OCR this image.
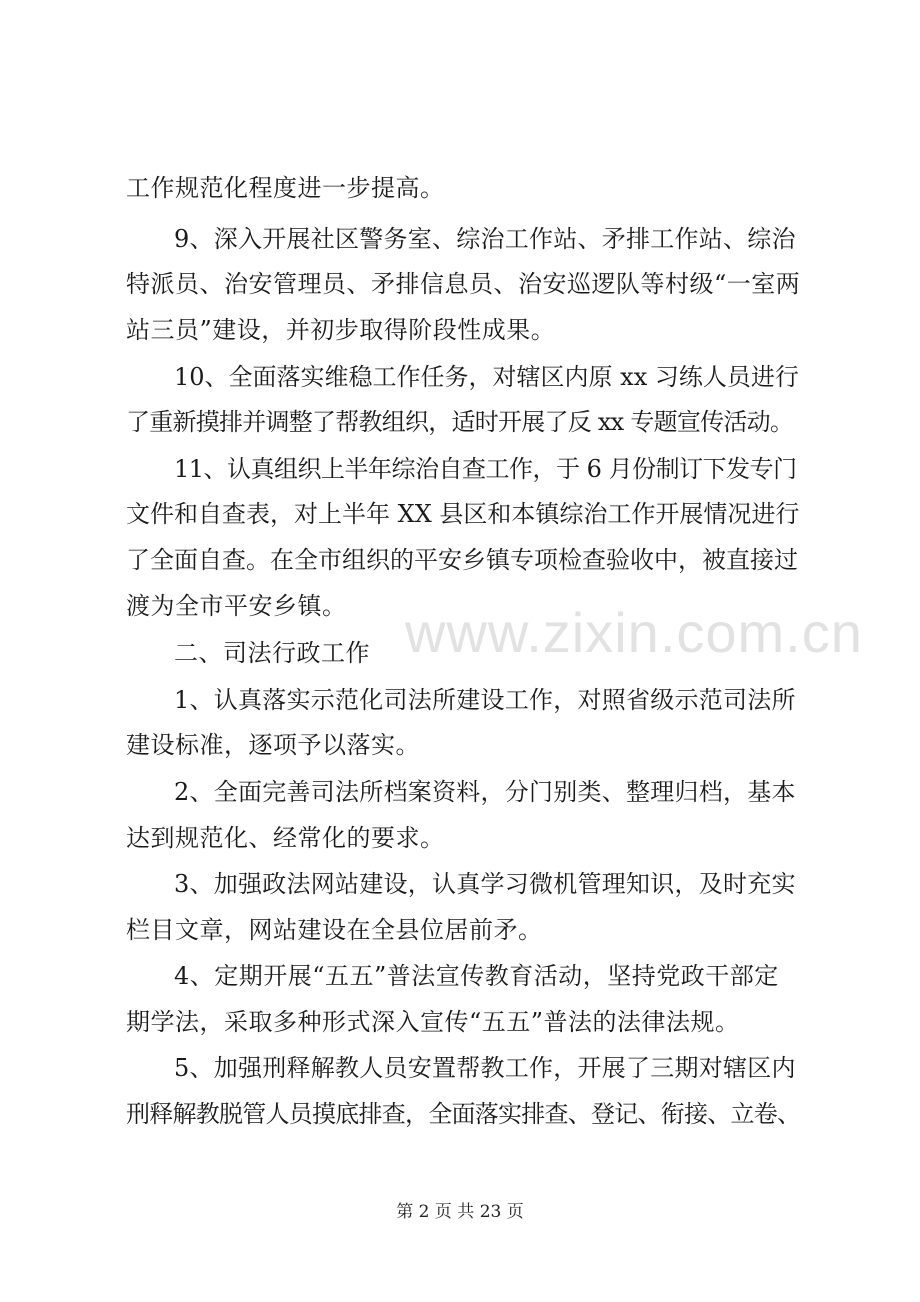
www.zixin.com.cn
工作规范化程度进一步提高。
9、深入开展社区警务室、综治工作站、矛排工作站、综治
特派员、治安管理员、矛排信息员、治安巡逻队等村级“一室两
站三员”建设，并初步取得阶段性成果。
10、全面落实维稳工作任务，对辖区内原 xx 习练人员进行
了重新摸排并调整了帮教组织，适时开展了反 xx 专题宣传活动。
11、认真组织上半年综治自查工作，于 6 月份制订下发专门
文件和自查表，对上半年 XX 县区和本镇综治工作开展情况进行
了全面自查。在全市组织的平安乡镇专项检查验收中，被直接过
渡为全市平安乡镇。
二、司法行政工作
1、认真落实示范化司法所建设工作，对照省级示范司法所
建设标准，逐项予以落实。
2、全面完善司法所档案资料，分门别类、整理归档，基本
达到规范化、经常化的要求。
3、加强政法网站建设，认真学习微机管理知识，及时充实
栏目文章，网站建设在全县位居前矛。
4、定期开展“五五”普法宣传教育活动，坚持党政干部定
期学法，采取多种形式深入宣传“五五”普法的法律法规。
5、加强刑释解教人员安置帮教工作，开展了三期对辖区内
刑释解教脱管人员摸底排查，全面落实排查、登记、衔接、立卷、
第 2 页 共 23 页
